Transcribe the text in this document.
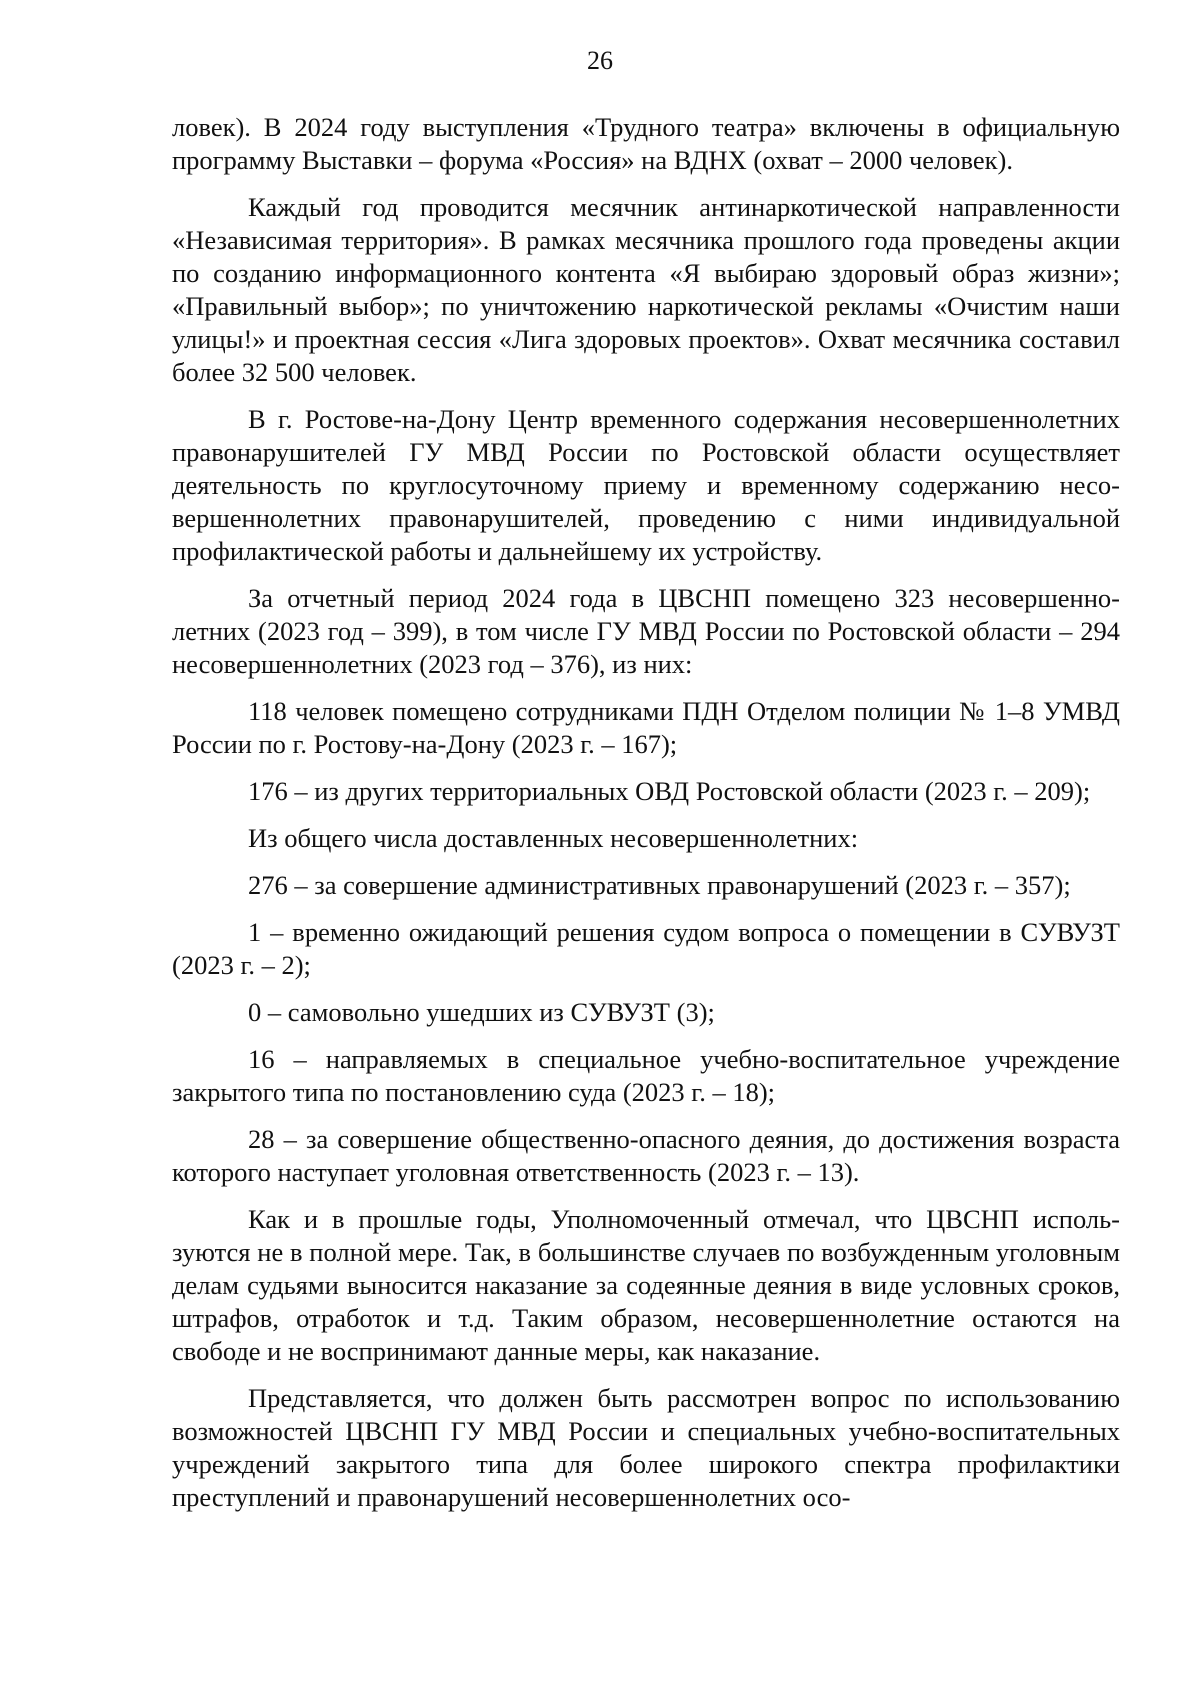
26

ловек). В 2024 году выступления «Трудного театра» включены в официальную программу Выставки – форума «Россия» на ВДНХ (охват – 2000 человек).

Каждый год проводится месячник антинаркотической направленности «Независимая территория». В рамках месячника прошлого года проведены акции по созданию информационного контента «Я выбираю здоровый образ жизни»; «Правильный выбор»; по уничтожению наркотической рекламы «Очистим наши улицы!» и проектная сессия «Лига здоровых проектов». Охват месячника составил более 32 500 человек.

В г. Ростове-на-Дону Центр временного содержания несовершеннолетних правонарушителей ГУ МВД России по Ростовской области осуществляет деятельность по круглосуточному приему и временному содержанию несовершеннолетних правонарушителей, проведению с ними индивидуальной профилактической работы и дальнейшему их устройству.

За отчетный период 2024 года в ЦВСНП помещено 323 несовершеннолетних (2023 год – 399), в том числе ГУ МВД России по Ростовской области – 294 несовершеннолетних (2023 год – 376), из них:

118 человек помещено сотрудниками ПДН Отделом полиции № 1–8 УМВД России по г. Ростову-на-Дону (2023 г. – 167);

176 – из других территориальных ОВД Ростовской области (2023 г. – 209);

Из общего числа доставленных несовершеннолетних:

276 – за совершение административных правонарушений (2023 г. – 357);

1 – временно ожидающий решения судом вопроса о помещении в СУВУЗТ (2023 г. – 2);

0 – самовольно ушедших из СУВУЗТ (3);

16 – направляемых в специальное учебно-воспитательное учреждение закрытого типа по постановлению суда (2023 г. – 18);

28 – за совершение общественно-опасного деяния, до достижения возраста которого наступает уголовная ответственность (2023 г. – 13).

Как и в прошлые годы, Уполномоченный отмечал, что ЦВСНП используются не в полной мере. Так, в большинстве случаев по возбужденным уголовным делам судьями выносится наказание за содеянные деяния в виде условных сроков, штрафов, отработок и т.д. Таким образом, несовершеннолетние остаются на свободе и не воспринимают данные меры, как наказание.

Представляется, что должен быть рассмотрен вопрос по использованию возможностей ЦВСНП ГУ МВД России и специальных учебно-воспитательных учреждений закрытого типа для более широкого спектра профилактики преступлений и правонарушений несовершеннолетних осо-
